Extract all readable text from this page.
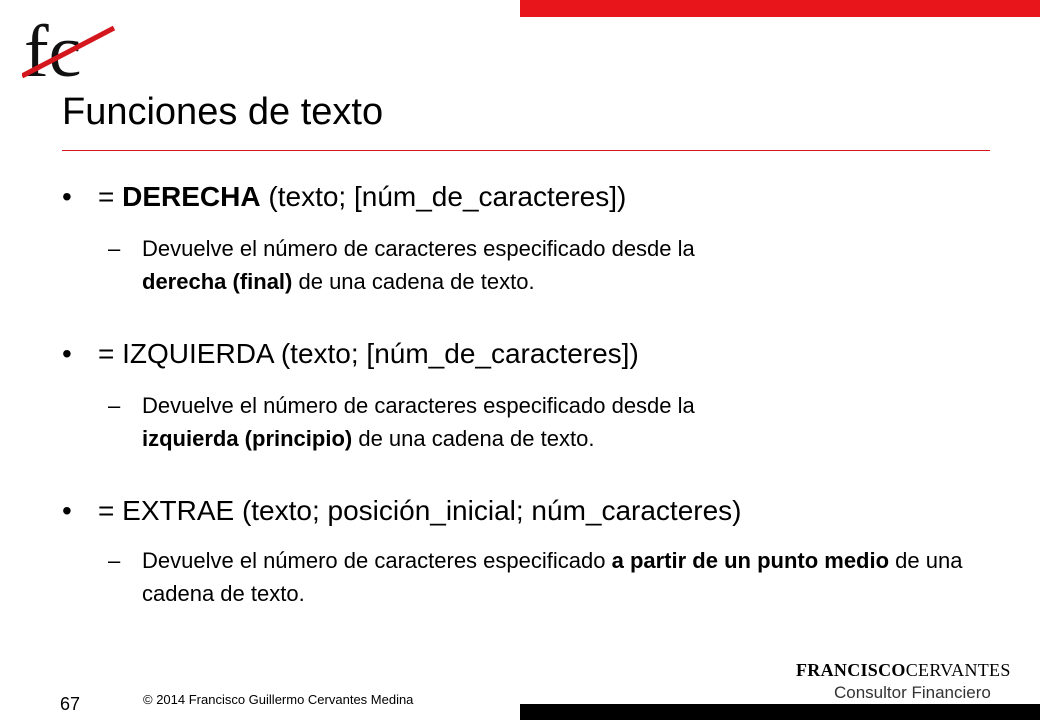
fc
Funciones de texto
• = DERECHA (texto; [núm_de_caracteres])
– Devuelve el número de caracteres especificado desde la
derecha (final) de una cadena de texto.
• = IZQUIERDA (texto; [núm_de_caracteres])
– Devuelve el número de caracteres especificado desde la
izquierda (principio) de una cadena de texto.
• = EXTRAE (texto; posición_inicial; núm_caracteres)
– Devuelve el número de caracteres especificado a partir de un punto medio de una cadena de texto.
67	© 2014 Francisco Guillermo Cervantes Medina
FRANCISCOCERVANTES
Consultor Financiero
